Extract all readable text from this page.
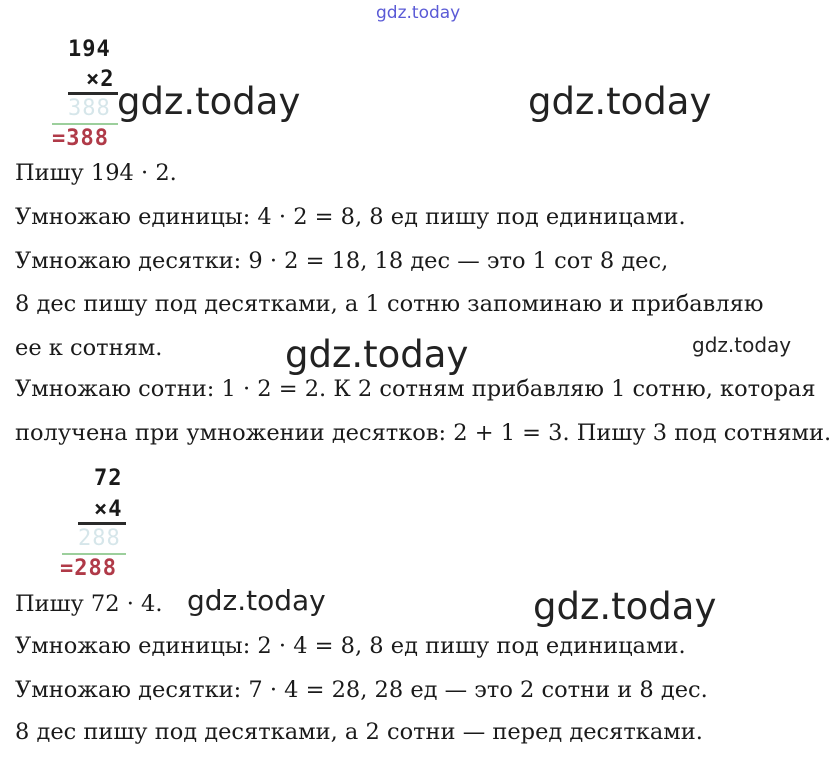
gdz.today
194
×2
388
=388
gdz.today	gdz.today
Пишу 194 · 2.
Умножаю единицы: 4 · 2 = 8, 8 ед пишу под единицами.
Умножаю десятки: 9 · 2 = 18, 18 дес — это 1 сот 8 дес,
8 дес пишу под десятками, а 1 сотню запоминаю и прибавляю
ее к сотням.
Умножаю сотни: 1 · 2 = 2. К 2 сотням прибавляю 1 сотню, которая
получена при умножении десятков: 2 + 1 = 3. Пишу 3 под сотнями.
gdz.today	gdz.today
72
×4
288
=288
Пишу 72 · 4.
Умножаю единицы: 2 · 4 = 8, 8 ед пишу под единицами.
Умножаю десятки: 7 · 4 = 28, 28 ед — это 2 сотни и 8 дес.
8 дес пишу под десятками, а 2 сотни — перед десятками.
gdz.today	gdz.today
